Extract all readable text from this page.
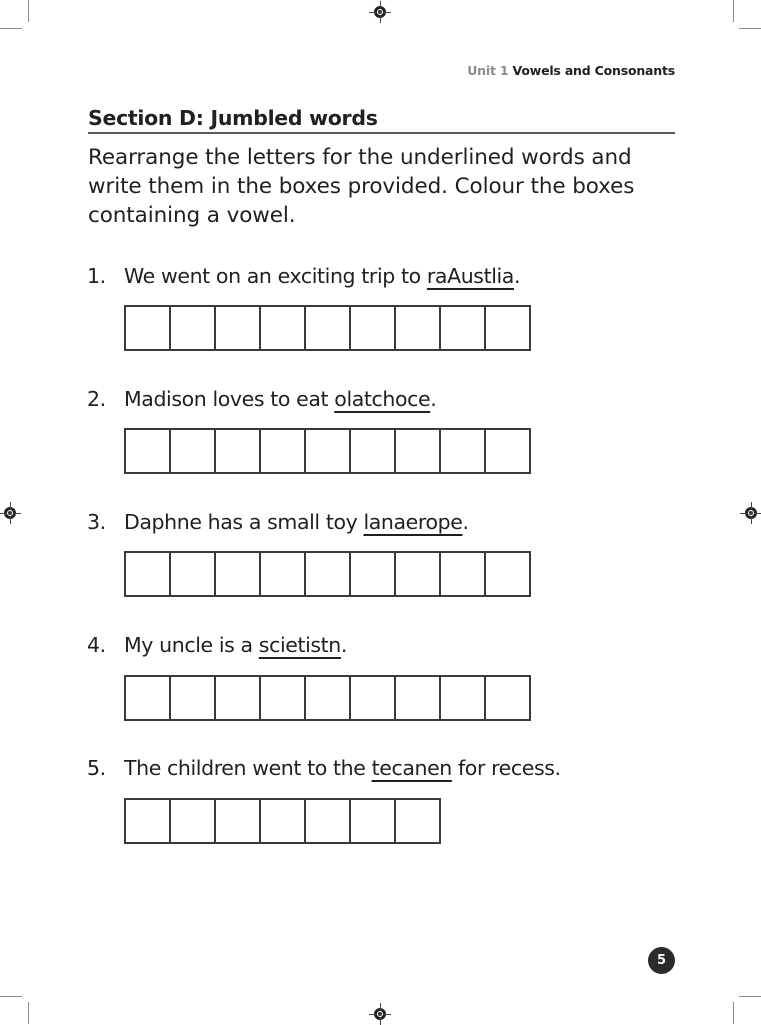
Unit 1 Vowels and Consonants
Section D: Jumbled words
Rearrange the letters for the underlined words and write them in the boxes provided. Colour the boxes containing a vowel.
1. We went on an exciting trip to raAustlia.
2. Madison loves to eat olatchoce.
3. Daphne has a small toy lanaerope.
4. My uncle is a scietistn.
5. The children went to the tecanen for recess.
5
